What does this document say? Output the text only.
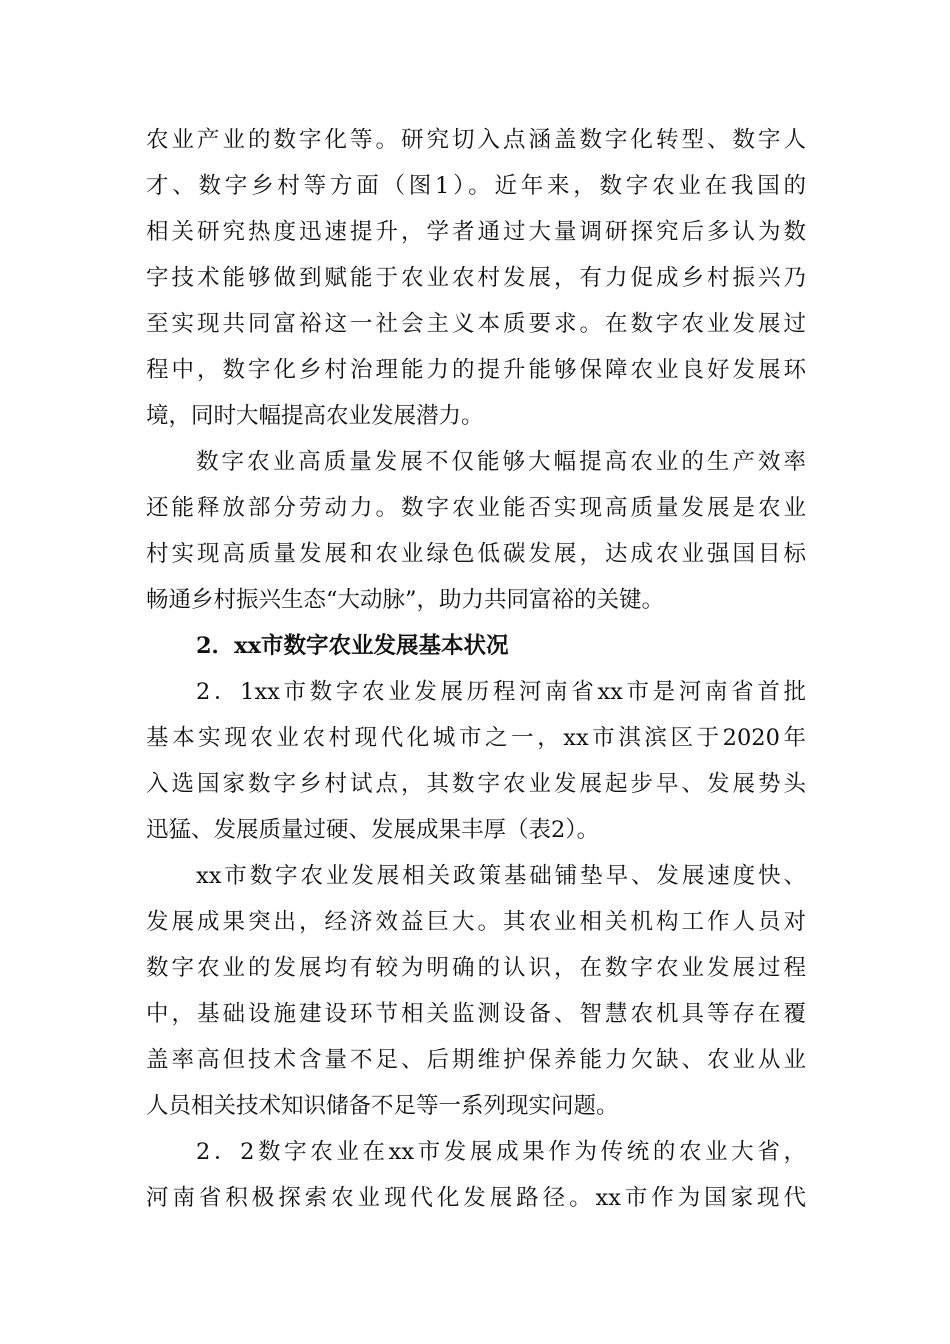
农业产业的数字化等。研究切入点涵盖数字化转型、数字人
才、数字乡村等方面（图1）。近年来，数字农业在我国的
相关研究热度迅速提升，学者通过大量调研探究后多认为数
字技术能够做到赋能于农业农村发展，有力促成乡村振兴乃
至实现共同富裕这一社会主义本质要求。在数字农业发展过
程中，数字化乡村治理能力的提升能够保障农业良好发展环
境，同时大幅提高农业发展潜力。
数字农业高质量发展不仅能够大幅提高农业的生产效率
还能释放部分劳动力。数字农业能否实现高质量发展是农业
村实现高质量发展和农业绿色低碳发展，达成农业强国目标
畅通乡村振兴生态“大动脉”，助力共同富裕的关键。
2．xx市数字农业发展基本状况
2．1xx市数字农业发展历程河南省xx市是河南省首批
基本实现农业农村现代化城市之一，xx市淇滨区于2020年
入选国家数字乡村试点，其数字农业发展起步早、发展势头
迅猛、发展质量过硬、发展成果丰厚（表2）。
xx市数字农业发展相关政策基础铺垫早、发展速度快、
发展成果突出，经济效益巨大。其农业相关机构工作人员对
数字农业的发展均有较为明确的认识，在数字农业发展过程
中，基础设施建设环节相关监测设备、智慧农机具等存在覆
盖率高但技术含量不足、后期维护保养能力欠缺、农业从业
人员相关技术知识储备不足等一系列现实问题。
2．2数字农业在xx市发展成果作为传统的农业大省，
河南省积极探索农业现代化发展路径。xx市作为国家现代
